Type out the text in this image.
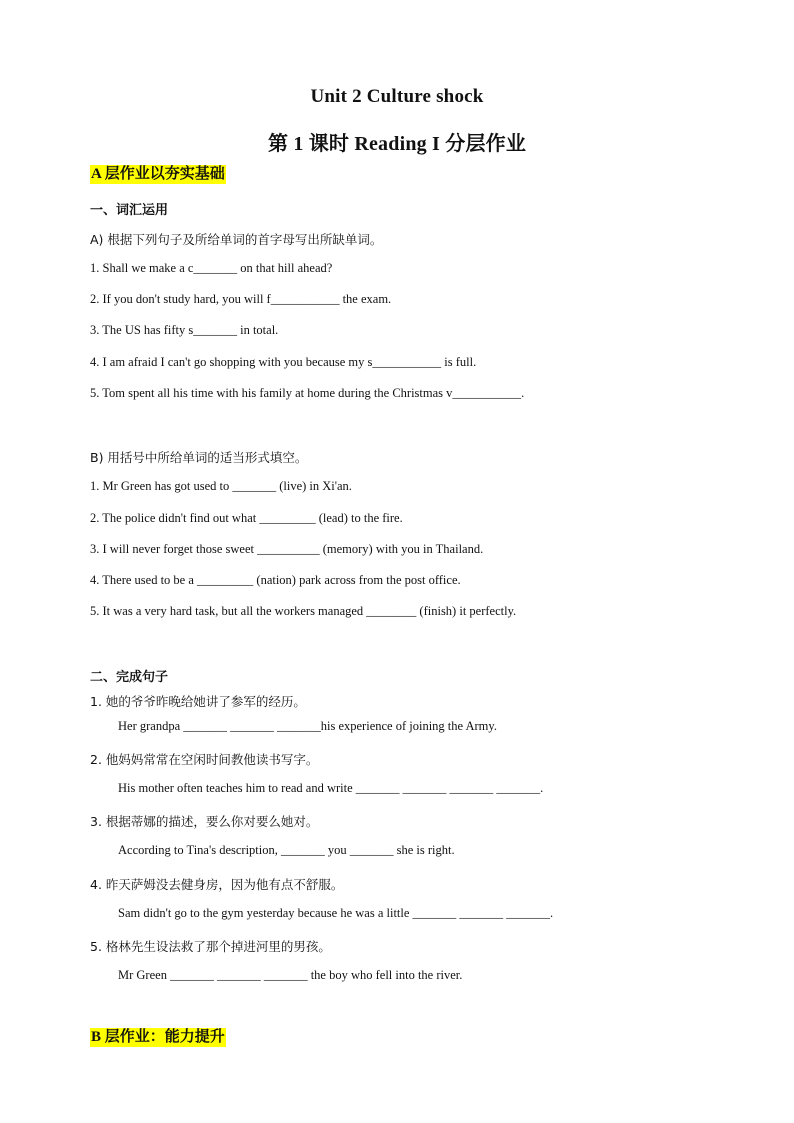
Unit 2 Culture shock
第 1 课时 Reading I 分层作业
A 层作业以夯实基础
一、词汇运用
A) 根据下列句子及所给单词的首字母写出所缺单词。
1. Shall we make a c_______ on that hill ahead?
2. If you don't study hard, you will f___________ the exam.
3. The US has fifty s_______ in total.
4. I am afraid I can't go shopping with you because my s___________ is full.
5. Tom spent all his time with his family at home during the Christmas v___________.
B) 用括号中所给单词的适当形式填空。
1. Mr Green has got used to _______ (live) in Xi'an.
2. The police didn't find out what _________ (lead) to the fire.
3. I will never forget those sweet __________ (memory) with you in Thailand.
4. There used to be a _________ (nation) park across from the post office.
5. It was a very hard task, but all the workers managed ________ (finish) it perfectly.
二、完成句子
1. 她的爷爷昨晚给她讲了参军的经历。
Her grandpa _______ _______ _______his experience of joining the Army.
2. 他妈妈常常在空闲时间教他读书写字。
His mother often teaches him to read and write _______ _______ _______ _______.
3. 根据蒂娜的描述，要么你对要么她对。
According to Tina's description, _______ you _______ she is right.
4. 昨天萨姆没去健身房，因为他有点不舒服。
Sam didn't go to the gym yesterday because he was a little _______ _______ _______.
5. 格林先生设法救了那个掉进河里的男孩。
Mr Green _______ _______ _______ the boy who fell into the river.
B 层作业：能力提升
